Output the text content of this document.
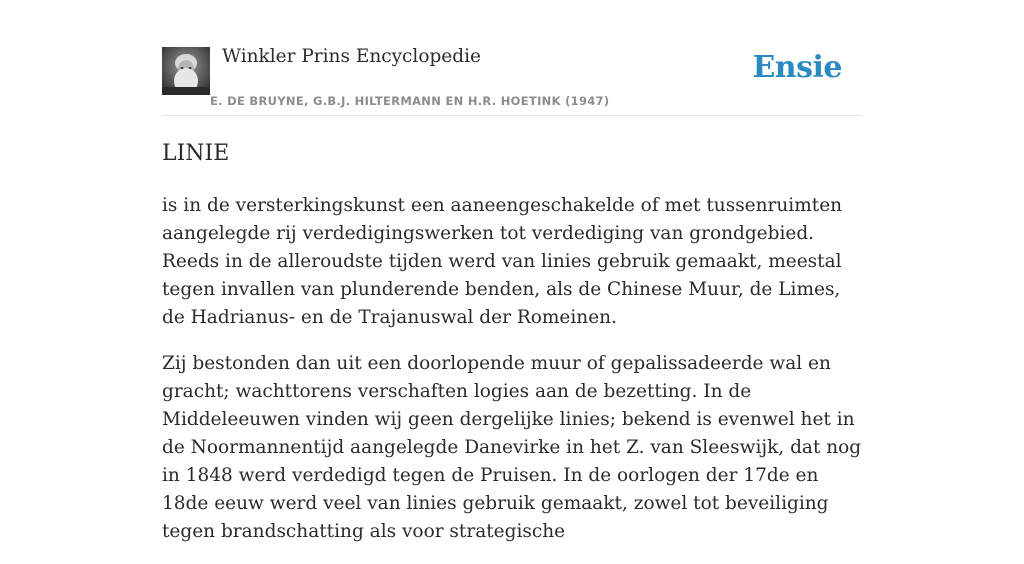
Winkler Prins Encyclopedie
E. DE BRUYNE, G.B.J. HILTERMANN EN H.R. HOETINK (1947)
Ensie
LINIE

is in de versterkingskunst een aaneengeschakelde of met tussenruimten aangelegde rij verdedigingswerken tot verdediging van grondgebied. Reeds in de alleroudste tijden werd van linies gebruik gemaakt, meestal tegen invallen van plunderende benden, als de Chinese Muur, de Limes, de Hadrianus- en de Trajanuswal der Romeinen.

Zij bestonden dan uit een doorlopende muur of gepalissadeerde wal en gracht; wachttorens verschaften logies aan de bezetting. In de Middeleeuwen vinden wij geen dergelijke linies; bekend is evenwel het in de Noormannentijd aangelegde Danevirke in het Z. van Sleeswijk, dat nog in 1848 werd verdedigd tegen de Pruisen. In de oorlogen der 17de en 18de eeuw werd veel van linies gebruik gemaakt, zowel tot beveiliging tegen brandschatting als voor strategische
